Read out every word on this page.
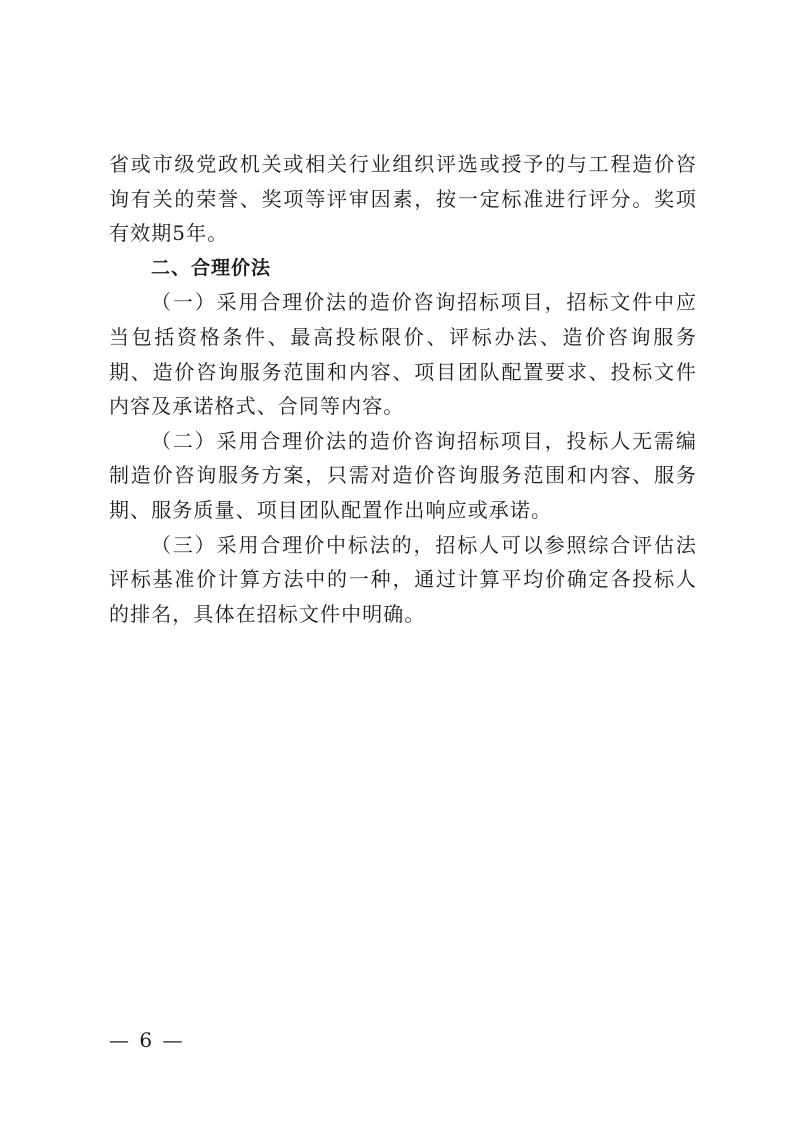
省或市级党政机关或相关行业组织评选或授予的与工程造价咨询有关的荣誉、奖项等评审因素，按一定标准进行评分。奖项有效期5年。

二、合理价法

（一）采用合理价法的造价咨询招标项目，招标文件中应当包括资格条件、最高投标限价、评标办法、造价咨询服务期、造价咨询服务范围和内容、项目团队配置要求、投标文件内容及承诺格式、合同等内容。

（二）采用合理价法的造价咨询招标项目，投标人无需编制造价咨询服务方案，只需对造价咨询服务范围和内容、服务期、服务质量、项目团队配置作出响应或承诺。

（三）采用合理价中标法的，招标人可以参照综合评估法评标基准价计算方法中的一种，通过计算平均价确定各投标人的排名，具体在招标文件中明确。

— 6 —
